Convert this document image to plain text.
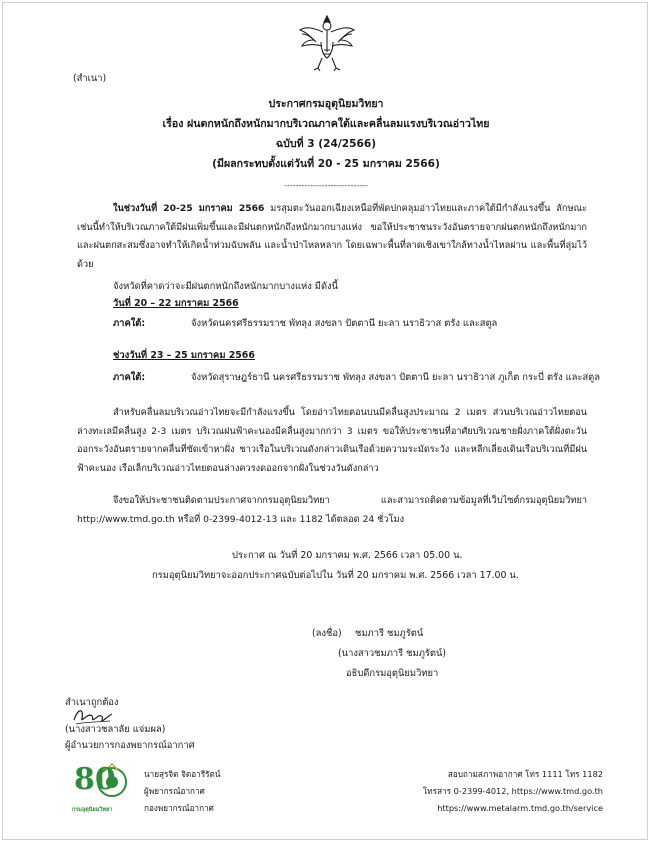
(สำเนา)
ประกาศกรมอุตุนิยมวิทยา
เรื่อง ฝนตกหนักถึงหนักมากบริเวณภาคใต้และคลื่นลมแรงบริเวณอ่าวไทย
ฉบับที่ 3 (24/2566)
(มีผลกระทบตั้งแต่วันที่ 20 - 25 มกราคม 2566)
-----------------------------
ในช่วงวันที่ 20-25 มกราคม 2566 มรสุมตะวันออกเฉียงเหนือที่พัดปกคลุมอ่าวไทยและภาคใต้มีกำลังแรงขึ้น ลักษณะเช่นนี้ทำให้บริเวณภาคใต้มีฝนเพิ่มขึ้นและมีฝนตกหนักถึงหนักมากบางแห่ง ขอให้ประชาชนระวังอันตรายจากฝนตกหนักถึงหนักมากและฝนตกสะสมซึ่งอาจทำให้เกิดน้ำท่วมฉับพลัน และน้ำป่าไหลหลาก โดยเฉพาะพื้นที่ลาดเชิงเขาใกล้ทางน้ำไหลผ่าน และพื้นที่ลุ่มไว้ด้วย
จังหวัดที่คาดว่าจะมีฝนตกหนักถึงหนักมากบางแห่ง มีดังนี้
วันที่ 20 – 22 มกราคม 2566
ภาคใต้:	จังหวัดนครศรีธรรมราช พัทลุง สงขลา ปัตตานี ยะลา นราธิวาส ตรัง และสตูล
ช่วงวันที่ 23 – 25 มกราคม 2566
ภาคใต้:	จังหวัดสุราษฎร์ธานี นครศรีธรรมราช พัทลุง สงขลา ปัตตานี ยะลา นราธิวาส ภูเก็ต กระบี่ ตรัง และสตูล
สำหรับคลื่นลมบริเวณอ่าวไทยจะมีกำลังแรงขึ้น โดยอ่าวไทยตอนบนมีคลื่นสูงประมาณ 2 เมตร ส่วนบริเวณอ่าวไทยตอนล่างทะเลมีคลื่นสูง 2-3 เมตร บริเวณฝนฟ้าคะนองมีคลื่นสูงมากกว่า 3 เมตร ขอให้ประชาชนที่อาศัยบริเวณชายฝั่งภาคใต้ฝั่งตะวันออกระวังอันตรายจากคลื่นที่ซัดเข้าหาฝั่ง ชาวเรือในบริเวณดังกล่าวเดินเรือด้วยความระมัดระวัง และหลีกเลี่ยงเดินเรือบริเวณที่มีฝนฟ้าคะนอง เรือเล็กบริเวณอ่าวไทยตอนล่างควรงดออกจากฝั่งในช่วงวันดังกล่าว
จึงขอให้ประชาชนติดตามประกาศจากกรมอุตุนิยมวิทยา และสามารถติดตามข้อมูลที่เว็บไซต์กรมอุตุนิยมวิทยา http://www.tmd.go.th หรือที่ 0-2399-4012-13 และ 1182 ได้ตลอด 24 ชั่วโมง
ประกาศ ณ วันที่ 20 มกราคม พ.ศ. 2566 เวลา 05.00 น.
กรมอุตุนิยมวิทยาจะออกประกาศฉบับต่อไปใน วันที่ 20 มกราคม พ.ศ. 2566 เวลา 17.00 น.
(ลงชื่อ) ชมภารี ชมภูรัตน์
(นางสาวชมภารี ชมภูรัตน์)
อธิบดีกรมอุตุนิยมวิทยา
สำเนาถูกต้อง
(นางสาวชลาลัย แจ่มผล)
ผู้อำนวยการกองพยากรณ์อากาศ
80
กรมอุตุนิยมวิทยา
นายสุรจิต จิตอารีรัตน์
ผู้พยากรณ์อากาศ
กองพยากรณ์อากาศ
สอบถามสภาพอากาศ โทร 1111 โทร 1182
โทรสาร 0-2399-4012, https://www.tmd.go.th
https://www.metalarm.tmd.go.th/service
